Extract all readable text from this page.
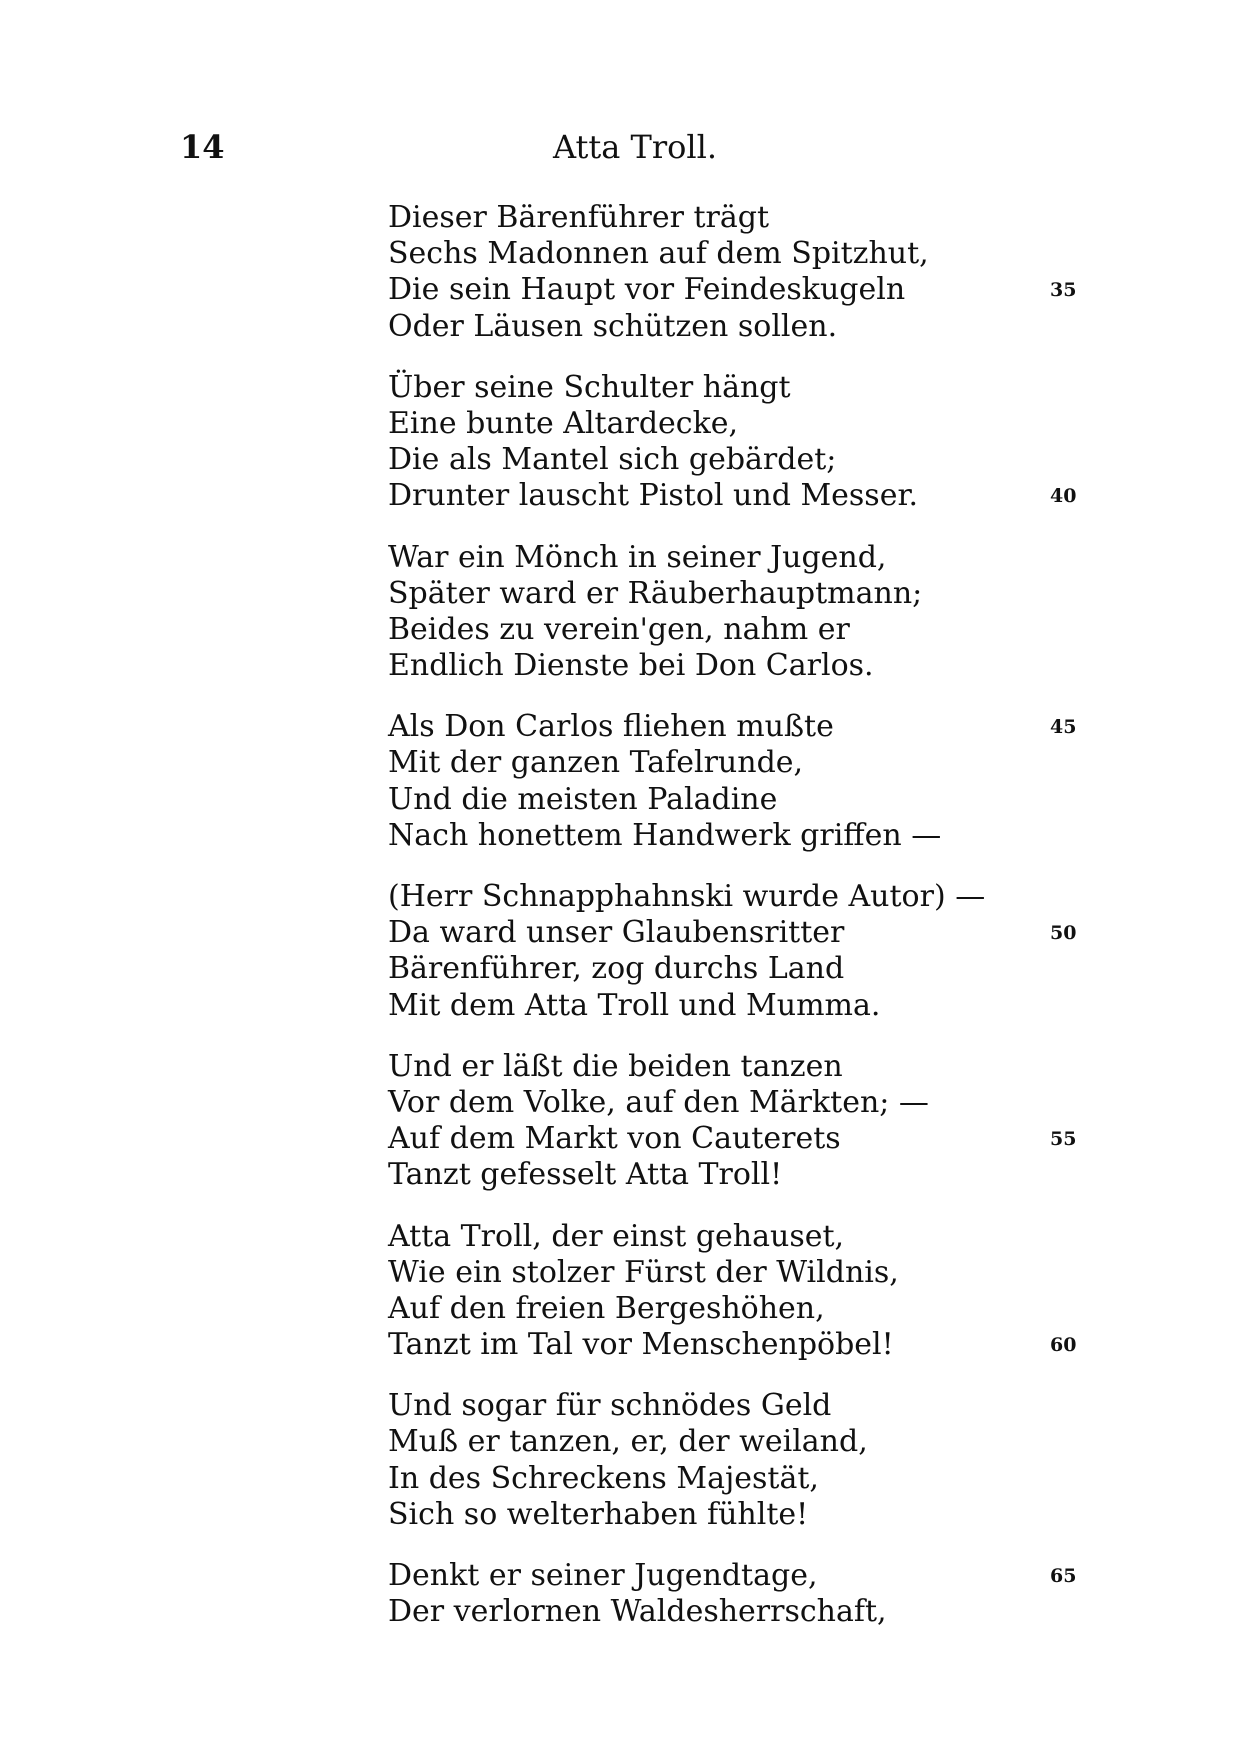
14	Atta Troll.
Dieser Bärenführer trägt
Sechs Madonnen auf dem Spitzhut,
Die sein Haupt vor Feindeskugeln	35
Oder Läusen schützen sollen.
Über seine Schulter hängt
Eine bunte Altardecke,
Die als Mantel sich gebärdet;
Drunter lauscht Pistol und Messer.	40
War ein Mönch in seiner Jugend,
Später ward er Räuberhauptmann;
Beides zu verein'gen, nahm er
Endlich Dienste bei Don Carlos.
Als Don Carlos fliehen mußte	45
Mit der ganzen Tafelrunde,
Und die meisten Paladine
Nach honettem Handwerk griffen —
(Herr Schnapphahnski wurde Autor) —
Da ward unser Glaubensritter	50
Bärenführer, zog durchs Land
Mit dem Atta Troll und Mumma.
Und er läßt die beiden tanzen
Vor dem Volke, auf den Märkten; —
Auf dem Markt von Cauterets	55
Tanzt gefesselt Atta Troll!
Atta Troll, der einst gehauset,
Wie ein stolzer Fürst der Wildnis,
Auf den freien Bergeshöhen,
Tanzt im Tal vor Menschenpöbel!	60
Und sogar für schnödes Geld
Muß er tanzen, er, der weiland,
In des Schreckens Majestät,
Sich so welterhaben fühlte!
Denkt er seiner Jugendtage,	65
Der verlornen Waldesherrschaft,
